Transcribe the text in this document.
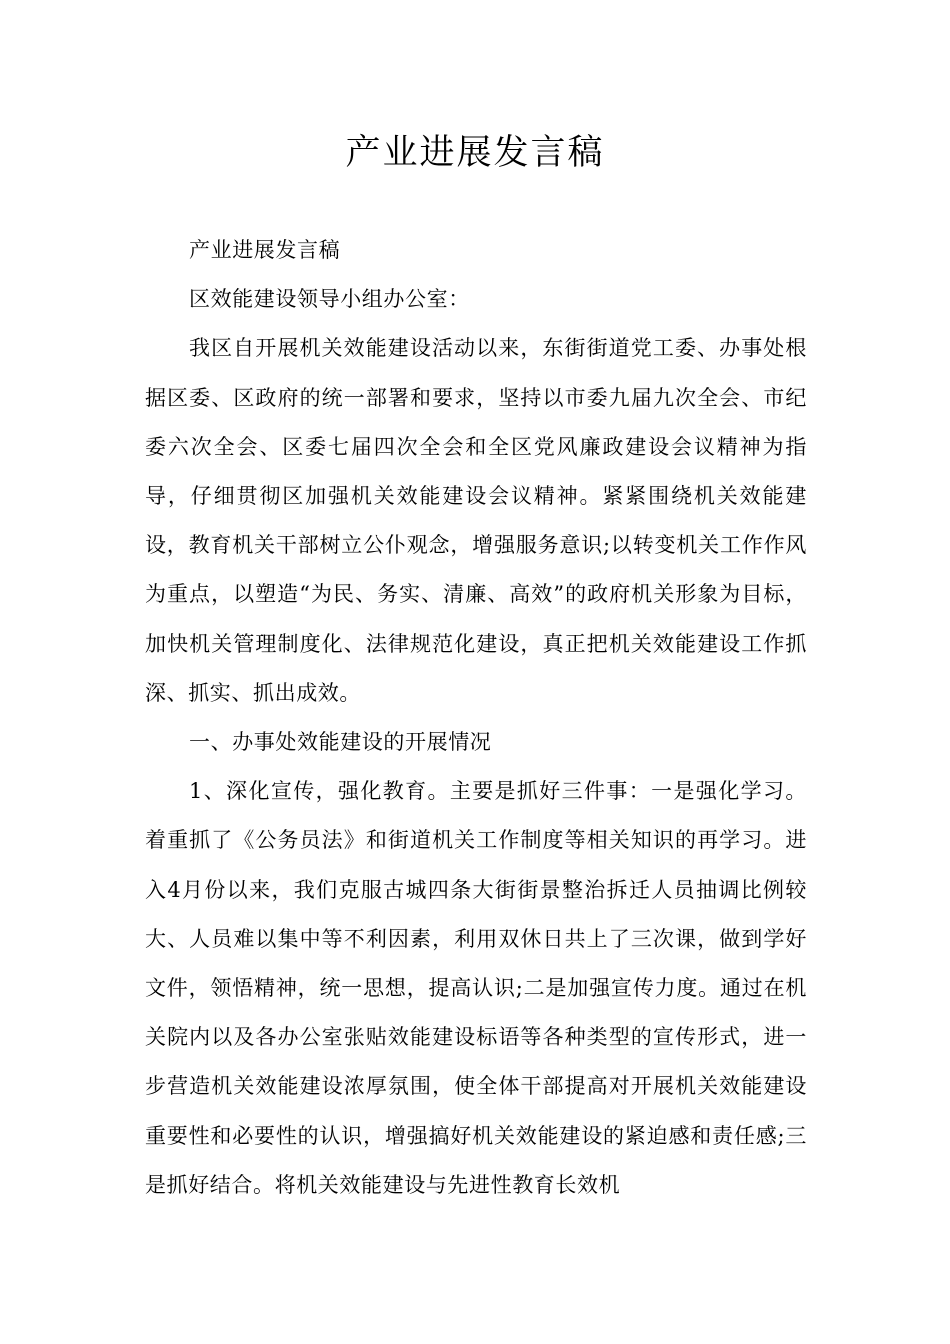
产业进展发言稿

产业进展发言稿

区效能建设领导小组办公室：

我区自开展机关效能建设活动以来，东街街道党工委、办事处根据区委、区政府的统一部署和要求，坚持以市委九届九次全会、市纪委六次全会、区委七届四次全会和全区党风廉政建设会议精神为指导，仔细贯彻区加强机关效能建设会议精神。紧紧围绕机关效能建设，教育机关干部树立公仆观念，增强服务意识;以转变机关工作作风为重点，以塑造“为民、务实、清廉、高效”的政府机关形象为目标，加快机关管理制度化、法律规范化建设，真正把机关效能建设工作抓深、抓实、抓出成效。

一、办事处效能建设的开展情况

1、深化宣传，强化教育。主要是抓好三件事：一是强化学习。着重抓了《公务员法》和街道机关工作制度等相关知识的再学习。进入4月份以来，我们克服古城四条大街街景整治拆迁人员抽调比例较大、人员难以集中等不利因素，利用双休日共上了三次课，做到学好文件，领悟精神，统一思想，提高认识;二是加强宣传力度。通过在机关院内以及各办公室张贴效能建设标语等各种类型的宣传形式，进一步营造机关效能建设浓厚氛围，使全体干部提高对开展机关效能建设重要性和必要性的认识，增强搞好机关效能建设的紧迫感和责任感;三是抓好结合。将机关效能建设与先进性教育长效机
